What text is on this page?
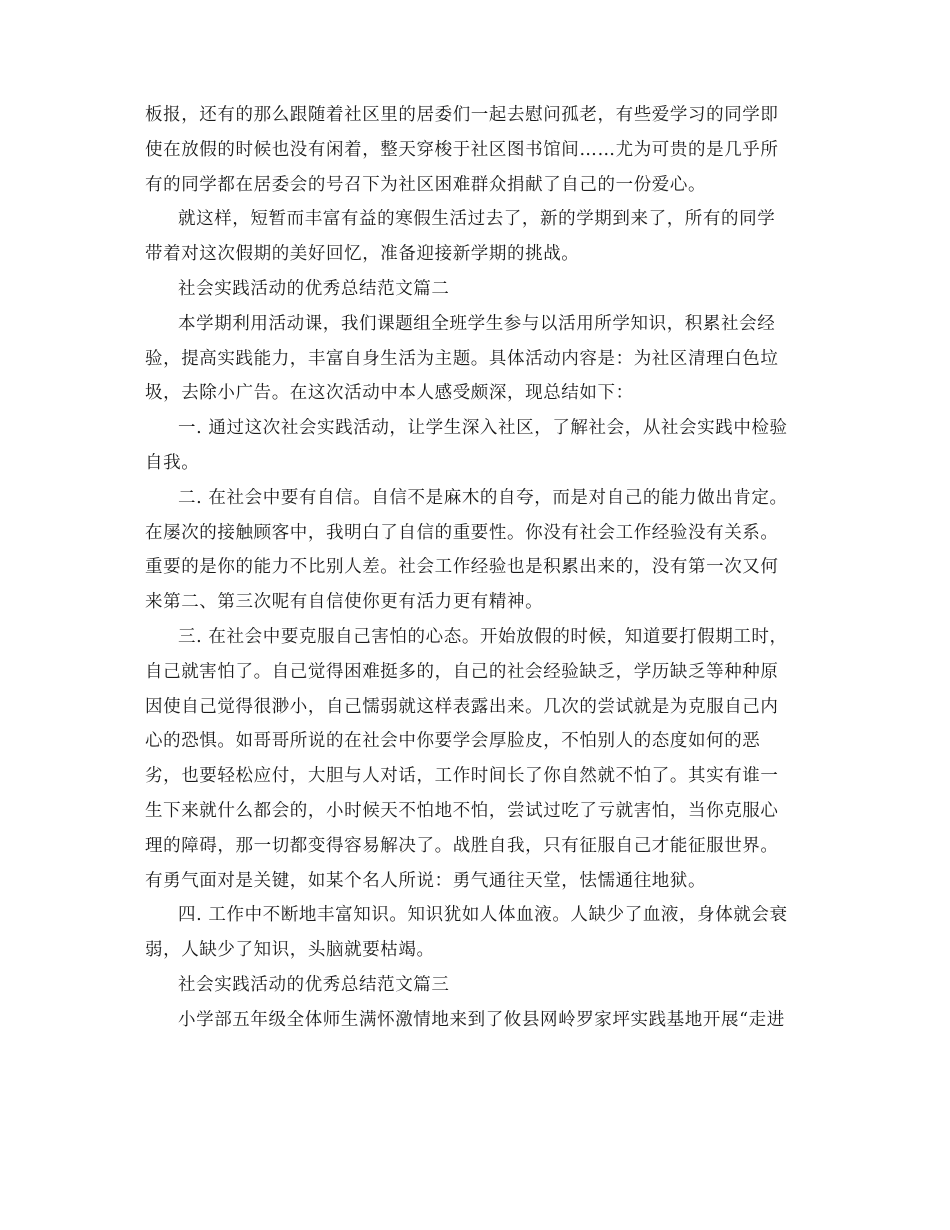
板报，还有的那么跟随着社区里的居委们一起去慰问孤老，有些爱学习的同学即
使在放假的时候也没有闲着，整天穿梭于社区图书馆间……尤为可贵的是几乎所
有的同学都在居委会的号召下为社区困难群众捐献了自己的一份爱心。
就这样，短暂而丰富有益的寒假生活过去了，新的学期到来了，所有的同学
带着对这次假期的美好回忆，准备迎接新学期的挑战。
社会实践活动的优秀总结范文篇二
本学期利用活动课，我们课题组全班学生参与以活用所学知识，积累社会经
验，提高实践能力，丰富自身生活为主题。具体活动内容是：为社区清理白色垃
圾，去除小广告。在这次活动中本人感受颇深，现总结如下：
一. 通过这次社会实践活动，让学生深入社区，了解社会，从社会实践中检验
自我。
二. 在社会中要有自信。自信不是麻木的自夸，而是对自己的能力做出肯定。
在屡次的接触顾客中，我明白了自信的重要性。你没有社会工作经验没有关系。
重要的是你的能力不比别人差。社会工作经验也是积累出来的，没有第一次又何
来第二、第三次呢有自信使你更有活力更有精神。
三. 在社会中要克服自己害怕的心态。开始放假的时候，知道要打假期工时，
自己就害怕了。自己觉得困难挺多的，自己的社会经验缺乏，学历缺乏等种种原
因使自己觉得很渺小，自己懦弱就这样表露出来。几次的尝试就是为克服自己内
心的恐惧。如哥哥所说的在社会中你要学会厚脸皮，不怕别人的态度如何的恶
劣，也要轻松应付，大胆与人对话，工作时间长了你自然就不怕了。其实有谁一
生下来就什么都会的，小时候天不怕地不怕，尝试过吃了亏就害怕，当你克服心
理的障碍，那一切都变得容易解决了。战胜自我，只有征服自己才能征服世界。
有勇气面对是关键，如某个名人所说：勇气通往天堂，怯懦通往地狱。
四. 工作中不断地丰富知识。知识犹如人体血液。人缺少了血液，身体就会衰
弱，人缺少了知识，头脑就要枯竭。
社会实践活动的优秀总结范文篇三
小学部五年级全体师生满怀激情地来到了攸县网岭罗家坪实践基地开展“走进
